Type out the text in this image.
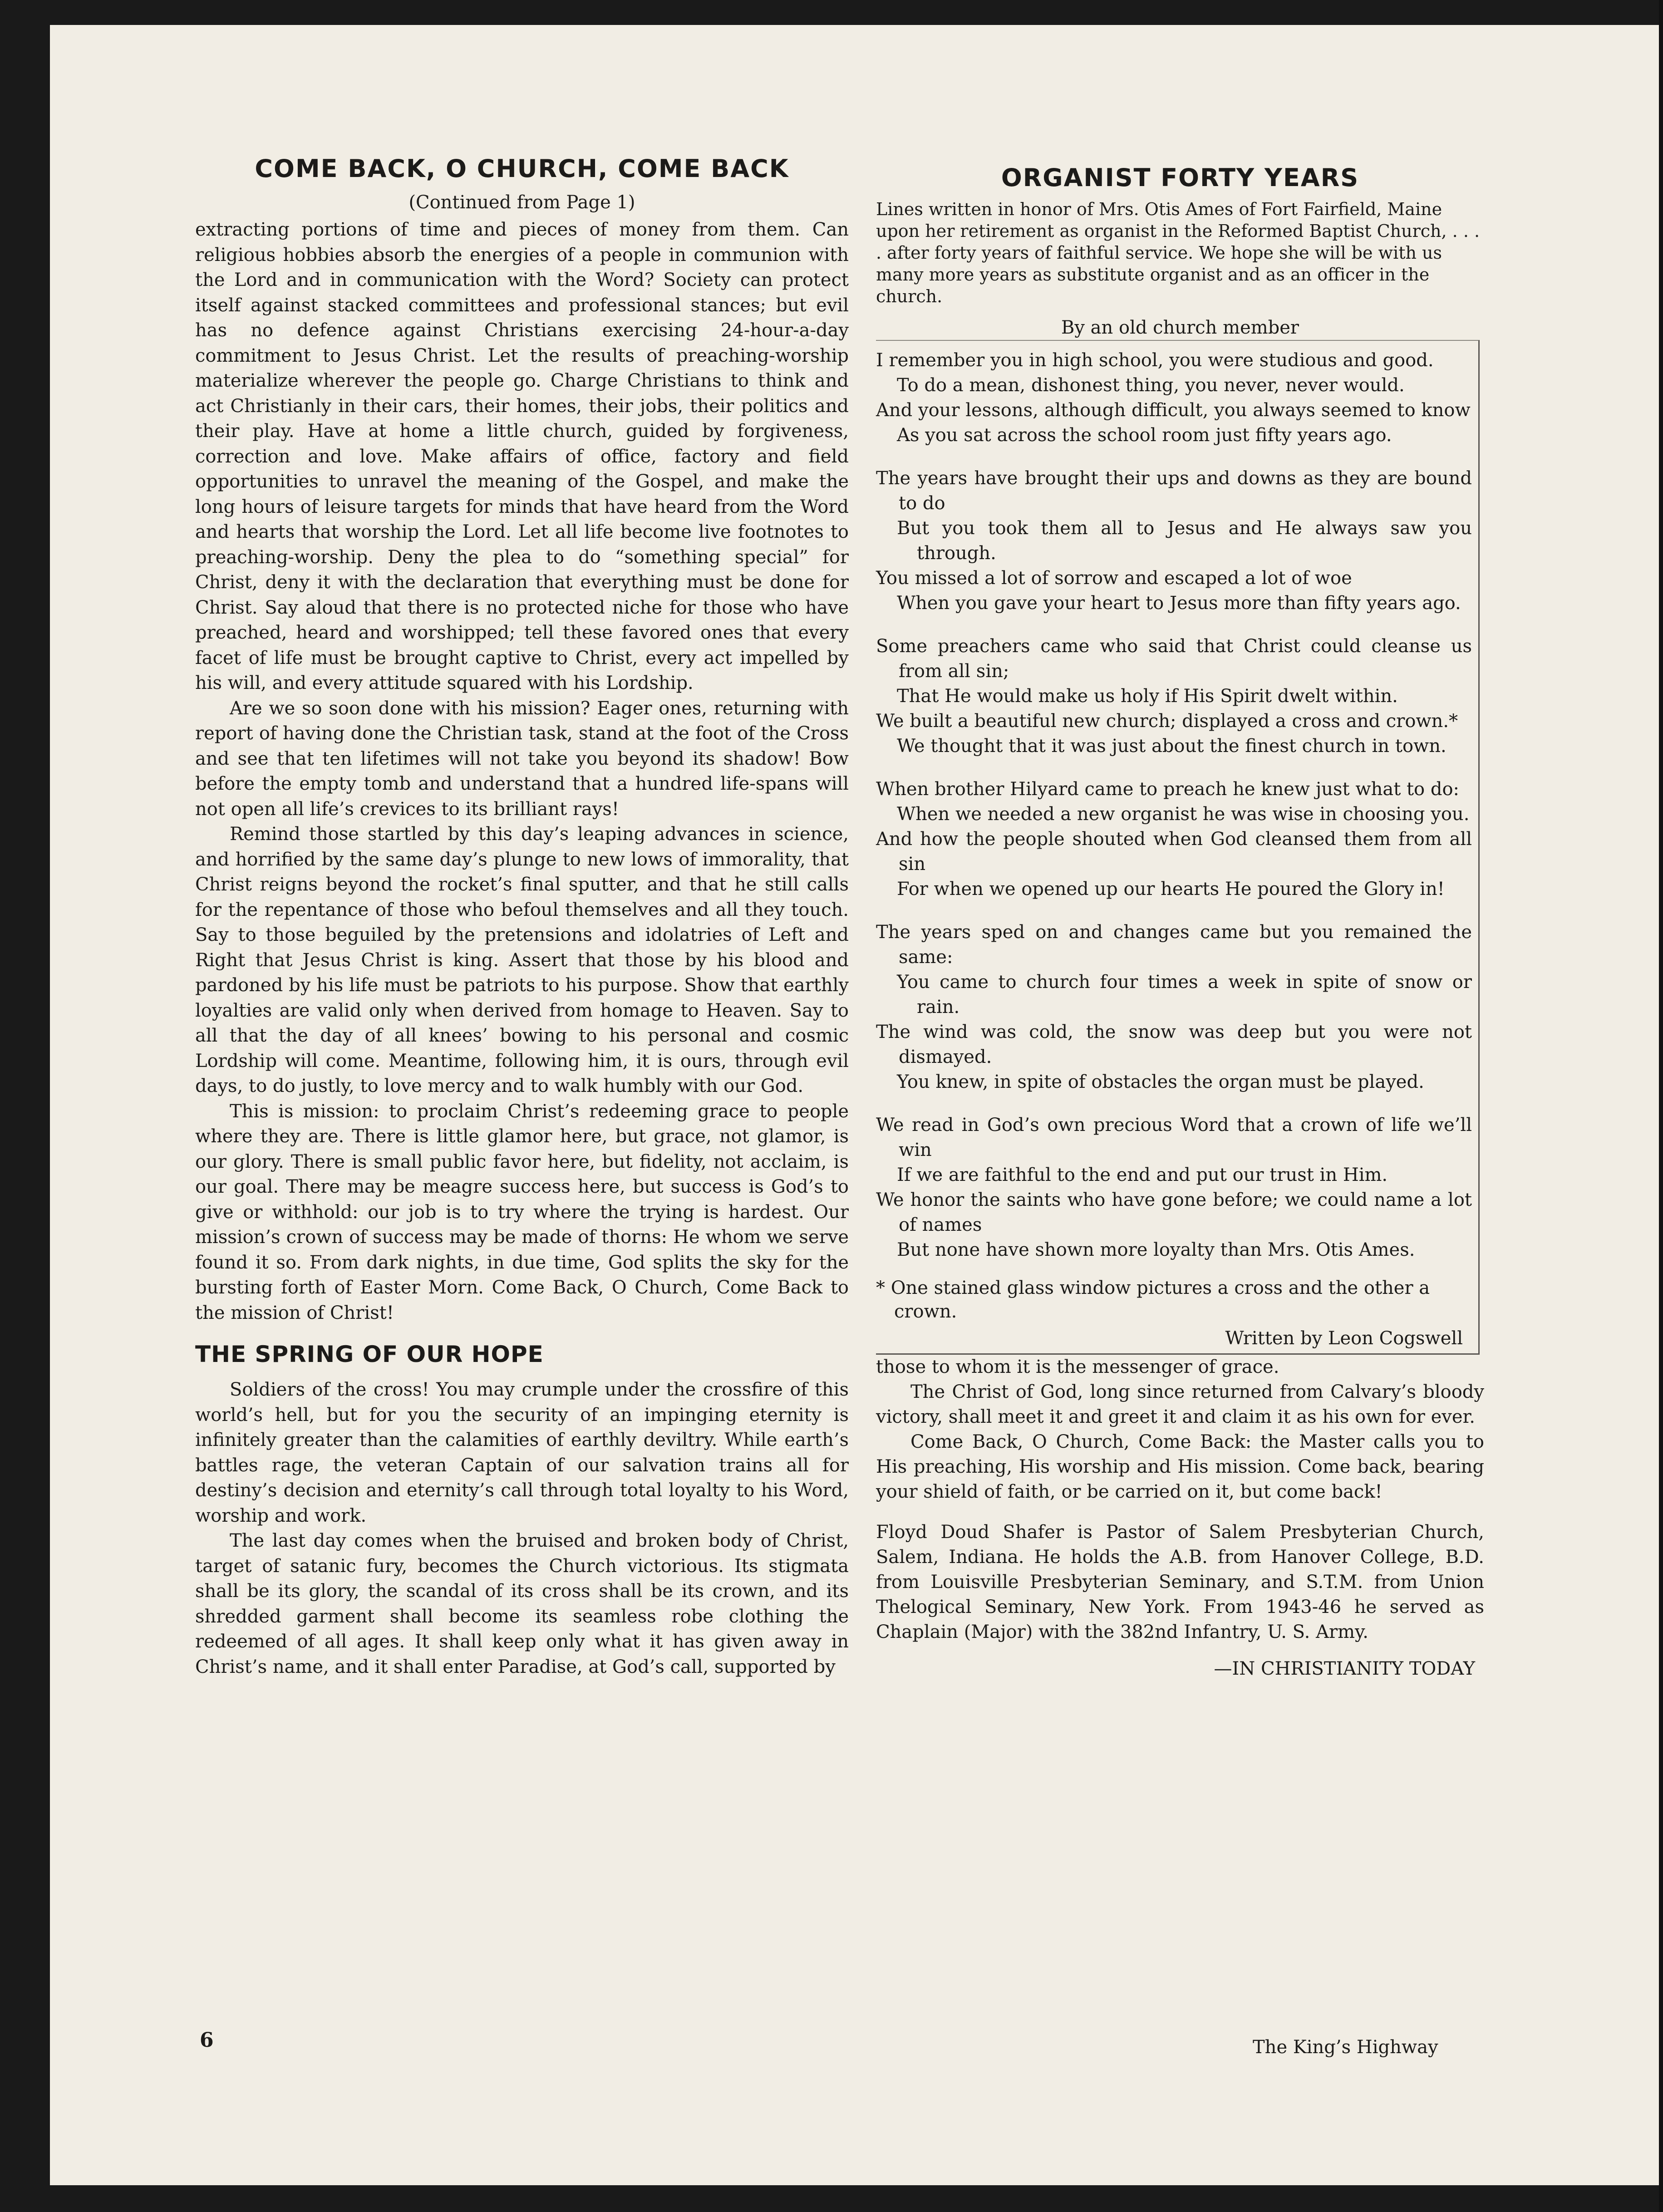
COME BACK, O CHURCH, COME BACK

(Continued from Page 1)

extracting portions of time and pieces of money from them. Can religious hobbies absorb the energies of a people in communion with the Lord and in communication with the Word? Society can protect itself against stacked committees and professional stances; but evil has no defence against Christians exercising 24-hour-a-day commitment to Jesus Christ. Let the results of preaching-worship materialize wherever the people go. Charge Christians to think and act Christianly in their cars, their homes, their jobs, their politics and their play. Have at home a little church, guided by forgiveness, correction and love. Make affairs of office, factory and field opportunities to unravel the meaning of the Gospel, and make the long hours of leisure targets for minds that have heard from the Word and hearts that worship the Lord. Let all life become live footnotes to preaching-worship. Deny the plea to do “something special” for Christ, deny it with the declaration that everything must be done for Christ. Say aloud that there is no protected niche for those who have preached, heard and worshipped; tell these favored ones that every facet of life must be brought captive to Christ, every act impelled by his will, and every attitude squared with his Lordship.

Are we so soon done with his mission? Eager ones, returning with report of having done the Christian task, stand at the foot of the Cross and see that ten lifetimes will not take you beyond its shadow! Bow before the empty tomb and understand that a hundred life-spans will not open all life’s crevices to its brilliant rays!

Remind those startled by this day’s leaping advances in science, and horrified by the same day’s plunge to new lows of immorality, that Christ reigns beyond the rocket’s final sputter, and that he still calls for the repentance of those who befoul themselves and all they touch. Say to those beguiled by the pretensions and idolatries of Left and Right that Jesus Christ is king. Assert that those by his blood and pardoned by his life must be patriots to his purpose. Show that earthly loyalties are valid only when derived from homage to Heaven. Say to all that the day of all knees’ bowing to his personal and cosmic Lordship will come. Meantime, following him, it is ours, through evil days, to do justly, to love mercy and to walk humbly with our God.

This is mission: to proclaim Christ’s redeeming grace to people where they are. There is little glamor here, but grace, not glamor, is our glory. There is small public favor here, but fidelity, not acclaim, is our goal. There may be meagre success here, but success is God’s to give or withhold: our job is to try where the trying is hardest. Our mission’s crown of success may be made of thorns: He whom we serve found it so. From dark nights, in due time, God splits the sky for the bursting forth of Easter Morn. Come Back, O Church, Come Back to the mission of Christ!

THE SPRING OF OUR HOPE

Soldiers of the cross! You may crumple under the crossfire of this world’s hell, but for you the security of an impinging eternity is infinitely greater than the calamities of earthly deviltry. While earth’s battles rage, the veteran Captain of our salvation trains all for destiny’s decision and eternity’s call through total loyalty to his Word, worship and work.

The last day comes when the bruised and broken body of Christ, target of satanic fury, becomes the Church victorious. Its stigmata shall be its glory, the scandal of its cross shall be its crown, and its shredded garment shall become its seamless robe clothing the redeemed of all ages. It shall keep only what it has given away in Christ’s name, and it shall enter Paradise, at God’s call, supported by

ORGANIST FORTY YEARS

Lines written in honor of Mrs. Otis Ames of Fort Fairfield, Maine upon her retirement as organist in the Reformed Baptist Church, . . . . after forty years of faithful service. We hope she will be with us many more years as substitute organist and as an officer in the church.

By an old church member

I remember you in high school, you were studious and good.

To do a mean, dishonest thing, you never, never would.

And your lessons, although difficult, you always seemed to know

As you sat across the school room just fifty years ago.

The years have brought their ups and downs as they are bound to do

But you took them all to Jesus and He always saw you through.

You missed a lot of sorrow and escaped a lot of woe

When you gave your heart to Jesus more than fifty years ago.

Some preachers came who said that Christ could cleanse us from all sin;

That He would make us holy if His Spirit dwelt within.

We built a beautiful new church; displayed a cross and crown.*

We thought that it was just about the finest church in town.

When brother Hilyard came to preach he knew just what to do:

When we needed a new organist he was wise in choosing you.

And how the people shouted when God cleansed them from all sin

For when we opened up our hearts He poured the Glory in!

The years sped on and changes came but you remained the same:

You came to church four times a week in spite of snow or rain.

The wind was cold, the snow was deep but you were not dismayed.

You knew, in spite of obstacles the organ must be played.

We read in God’s own precious Word that a crown of life we’ll win

If we are faithful to the end and put our trust in Him.

We honor the saints who have gone before; we could name a lot of names

But none have shown more loyalty than Mrs. Otis Ames.

* One stained glass window pictures a cross and the other a crown.

Written by Leon Cogswell

those to whom it is the messenger of grace.

The Christ of God, long since returned from Calvary’s bloody victory, shall meet it and greet it and claim it as his own for ever.

Come Back, O Church, Come Back: the Master calls you to His preaching, His worship and His mission. Come back, bearing your shield of faith, or be carried on it, but come back!

Floyd Doud Shafer is Pastor of Salem Presbyterian Church, Salem, Indiana. He holds the A.B. from Hanover College, B.D. from Louisville Presbyterian Seminary, and S.T.M. from Union Thelogical Seminary, New York. From 1943-46 he served as Chaplain (Major) with the 382nd Infantry, U. S. Army.

—IN CHRISTIANITY TODAY

6	The King’s Highway
